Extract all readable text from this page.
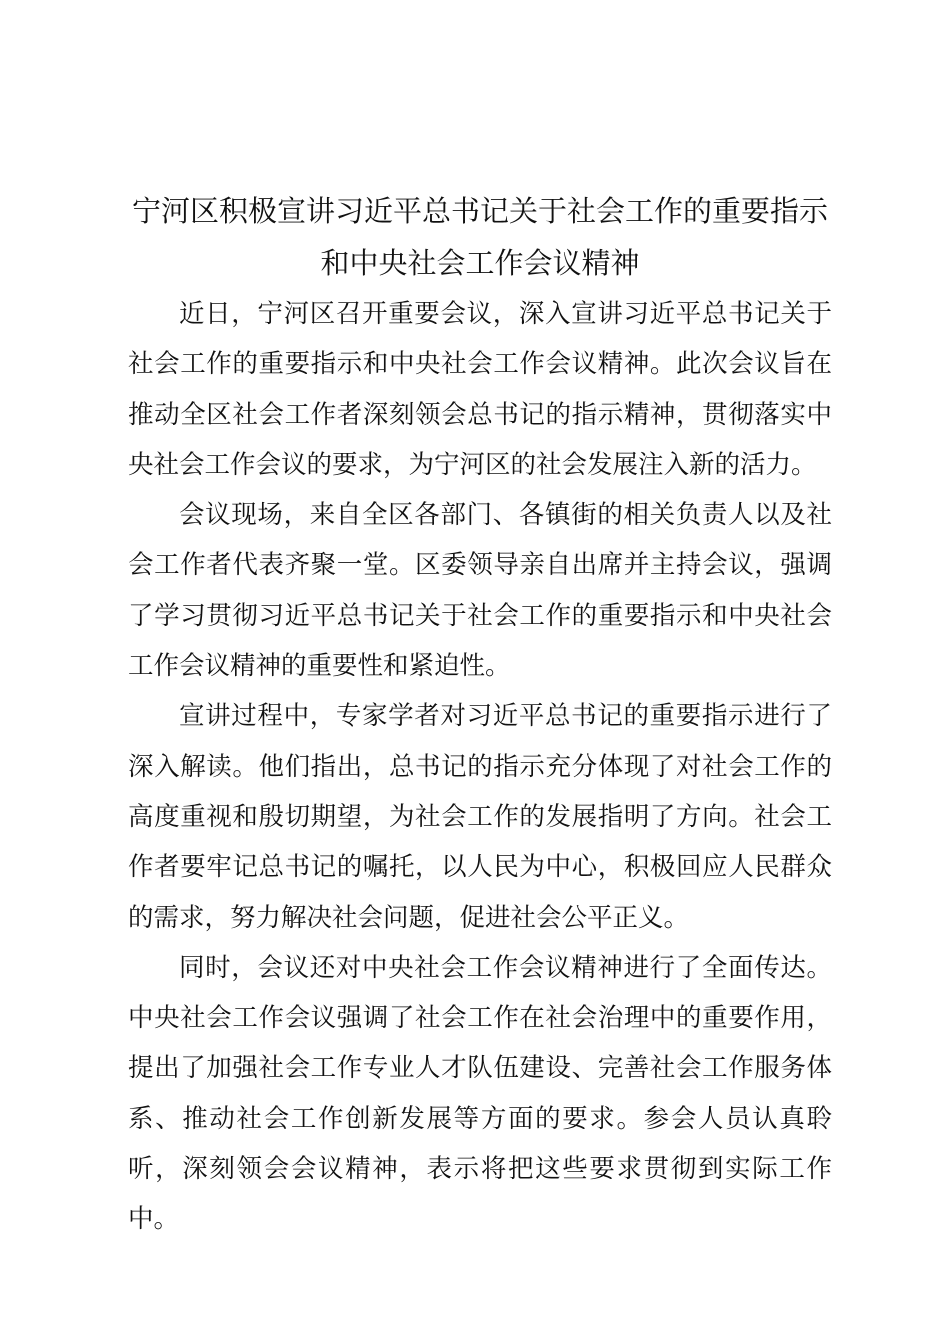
宁河区积极宣讲习近平总书记关于社会工作的重要指示
和中央社会工作会议精神

近日，宁河区召开重要会议，深入宣讲习近平总书记关于社会工作的重要指示和中央社会工作会议精神。此次会议旨在推动全区社会工作者深刻领会总书记的指示精神，贯彻落实中央社会工作会议的要求，为宁河区的社会发展注入新的活力。

会议现场，来自全区各部门、各镇街的相关负责人以及社会工作者代表齐聚一堂。区委领导亲自出席并主持会议，强调了学习贯彻习近平总书记关于社会工作的重要指示和中央社会工作会议精神的重要性和紧迫性。

宣讲过程中，专家学者对习近平总书记的重要指示进行了深入解读。他们指出，总书记的指示充分体现了对社会工作的高度重视和殷切期望，为社会工作的发展指明了方向。社会工作者要牢记总书记的嘱托，以人民为中心，积极回应人民群众的需求，努力解决社会问题，促进社会公平正义。

同时，会议还对中央社会工作会议精神进行了全面传达。中央社会工作会议强调了社会工作在社会治理中的重要作用，提出了加强社会工作专业人才队伍建设、完善社会工作服务体系、推动社会工作创新发展等方面的要求。参会人员认真聆听，深刻领会会议精神，表示将把这些要求贯彻到实际工作中。
